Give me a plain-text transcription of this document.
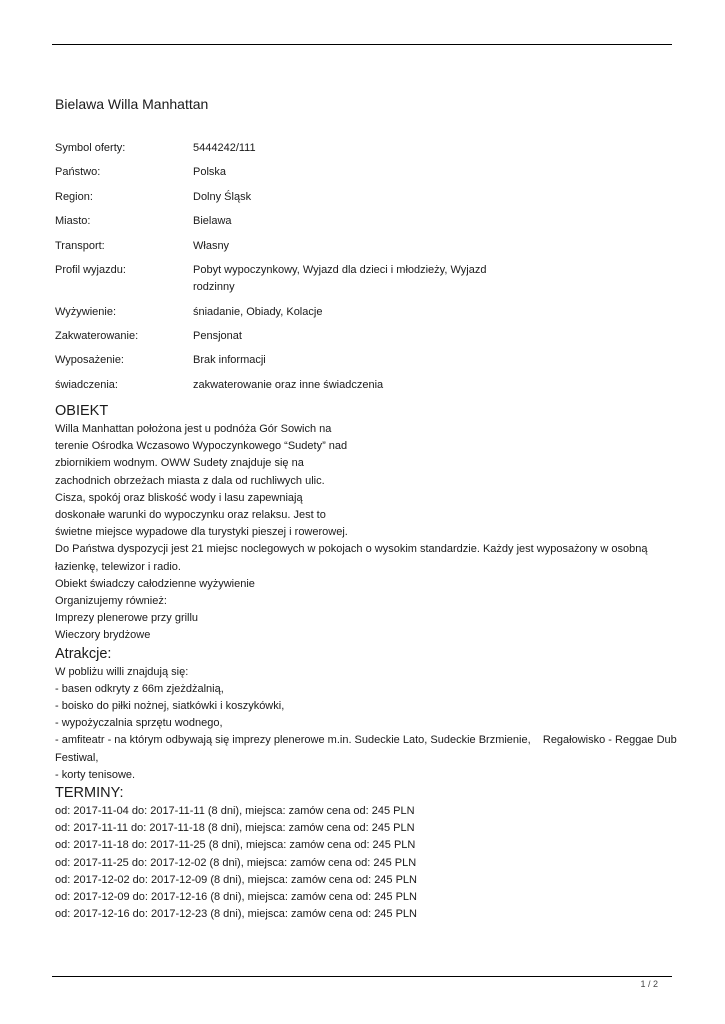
Bielawa Willa Manhattan
Symbol oferty:	5444242/111
Państwo:	Polska
Region:	Dolny Śląsk
Miasto:	Bielawa
Transport:	Własny
Profil wyjazdu:	Pobyt wypoczynkowy, Wyjazd dla dzieci i młodzieży, Wyjazd rodzinny
Wyżywienie:	śniadanie, Obiady, Kolacje
Zakwaterowanie:	Pensjonat
Wyposażenie:	Brak informacji
świadczenia:	zakwaterowanie oraz inne świadczenia
OBIEKT

Willa Manhattan położona jest u podnóża Gór Sowich na terenie Ośrodka Wczasowo Wypoczynkowego “Sudety” nad zbiornikiem wodnym. OWW Sudety znajduje się na zachodnich obrzeżach miasta z dala od ruchliwych ulic. Cisza, spokój oraz bliskość wody i lasu zapewniają doskonałe warunki do wypoczynku oraz relaksu. Jest to świetne miejsce wypadowe dla turystyki pieszej i rowerowej.

Do Państwa dyspozycji jest 21 miejsc noclegowych w pokojach o wysokim standardzie. Każdy jest wyposażony w osobną łazienkę, telewizor i radio.

Obiekt świadczy całodzienne wyżywienie

Organizujemy również:

Imprezy plenerowe przy grillu

Wieczory brydżowe

Atrakcje:

W pobliżu willi znajdują się:

- basen odkryty z 66m zjeżdżalnią,

- boisko do piłki nożnej, siatkówki i koszykówki,

- wypożyczalnia sprzętu wodnego,

- amfiteatr - na którym odbywają się imprezy plenerowe m.in. Sudeckie Lato, Sudeckie Brzmienie,    Regałowisko - Reggae Dub Festiwal,

- korty tenisowe.

TERMINY:

od: 2017-11-04 do: 2017-11-11 (8 dni), miejsca: zamów cena od: 245 PLN

od: 2017-11-11 do: 2017-11-18 (8 dni), miejsca: zamów cena od: 245 PLN

od: 2017-11-18 do: 2017-11-25 (8 dni), miejsca: zamów cena od: 245 PLN

od: 2017-11-25 do: 2017-12-02 (8 dni), miejsca: zamów cena od: 245 PLN

od: 2017-12-02 do: 2017-12-09 (8 dni), miejsca: zamów cena od: 245 PLN

od: 2017-12-09 do: 2017-12-16 (8 dni), miejsca: zamów cena od: 245 PLN

od: 2017-12-16 do: 2017-12-23 (8 dni), miejsca: zamów cena od: 245 PLN

1 / 2
